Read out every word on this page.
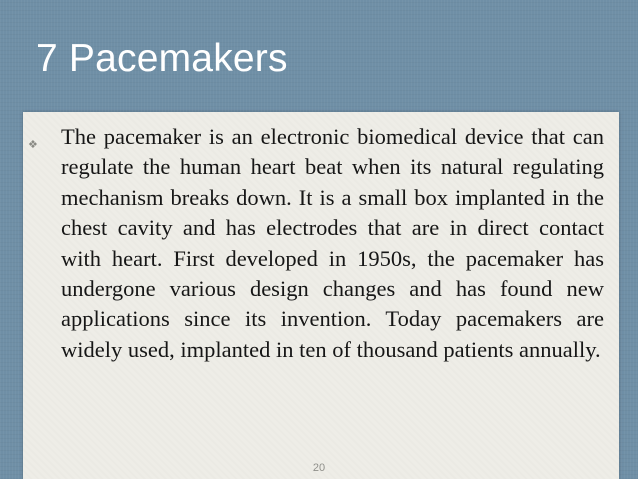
7 Pacemakers
❖ The pacemaker is an electronic biomedical device that can regulate the human heart beat when its natural regulating mechanism breaks down. It is a small box implanted in the chest cavity and has electrodes that are in direct contact with heart. First developed in 1950s, the pacemaker has undergone various design changes and has found new applications since its invention. Today pacemakers are widely used, implanted in ten of thousand patients annually.

20
